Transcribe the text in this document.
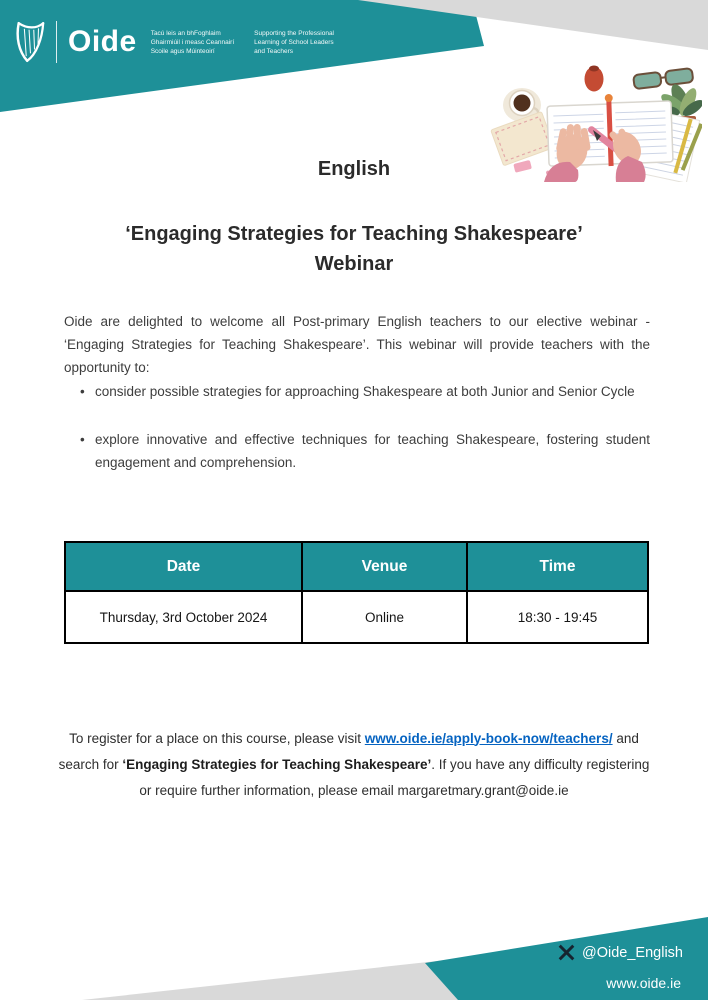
Oide Tacú leis an bhFoghlaim
Ghairmiúil i measc Ceannairí
Scoile agus Múinteoirí
Supporting the Professional
Learning of School Leaders
and Teachers
English
‘Engaging Strategies for Teaching Shakespeare’
Webinar

Oide are delighted to welcome all Post-primary English teachers to our elective webinar - ‘Engaging Strategies for Teaching Shakespeare’. This webinar will provide teachers with the opportunity to:

• consider possible strategies for approaching Shakespeare at both Junior and Senior Cycle
• explore innovative and effective techniques for teaching Shakespeare, fostering student engagement and comprehension.
Date	Venue	Time
Thursday, 3rd October 2024	Online	18:30 - 19:45

To register for a place on this course, please visit www.oide.ie/apply-book-now/teachers/ and search for ‘Engaging Strategies for Teaching Shakespeare’. If you have any difficulty registering or require further information, please email margaretmary.grant@oide.ie

@Oide_English
www.oide.ie
